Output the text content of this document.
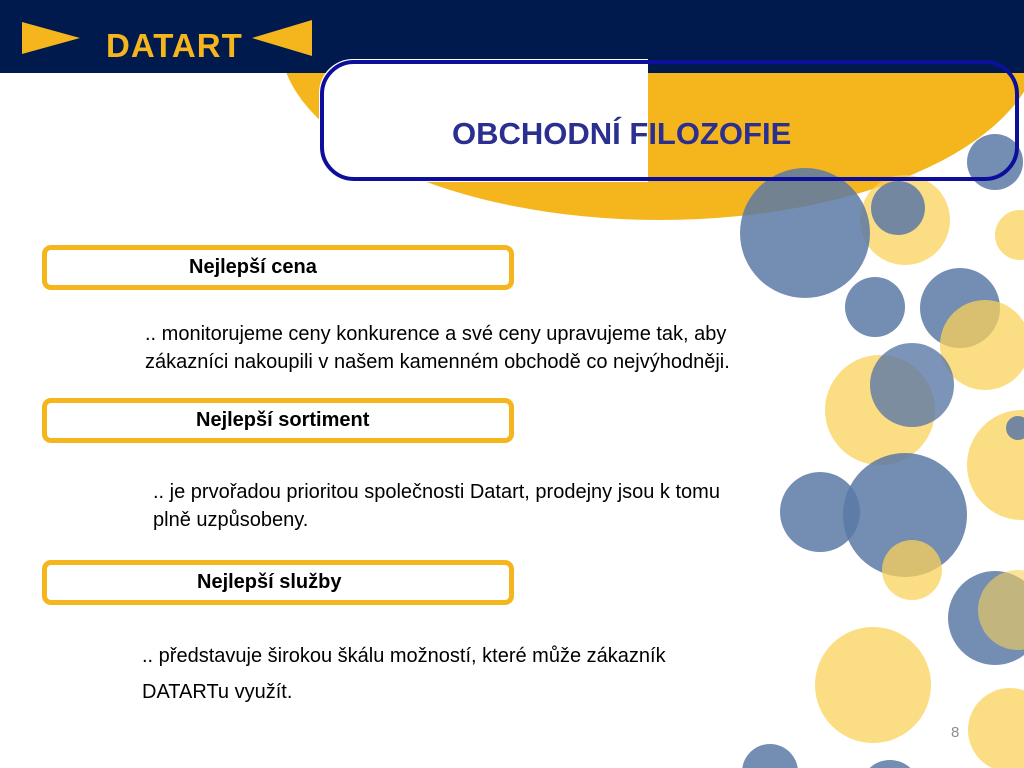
DATART
OBCHODNÍ FILOZOFIE
Nejlepší cena
.. monitorujeme ceny konkurence a své ceny upravujeme tak, aby
zákazníci nakoupili v našem kamenném obchodě co nejvýhodněji.
Nejlepší sortiment
.. je prvořadou prioritou společnosti Datart, prodejny jsou k tomu
plně uzpůsobeny.
Nejlepší služby
.. představuje širokou škálu možností, které může zákazník
DATARTu využít.
8
